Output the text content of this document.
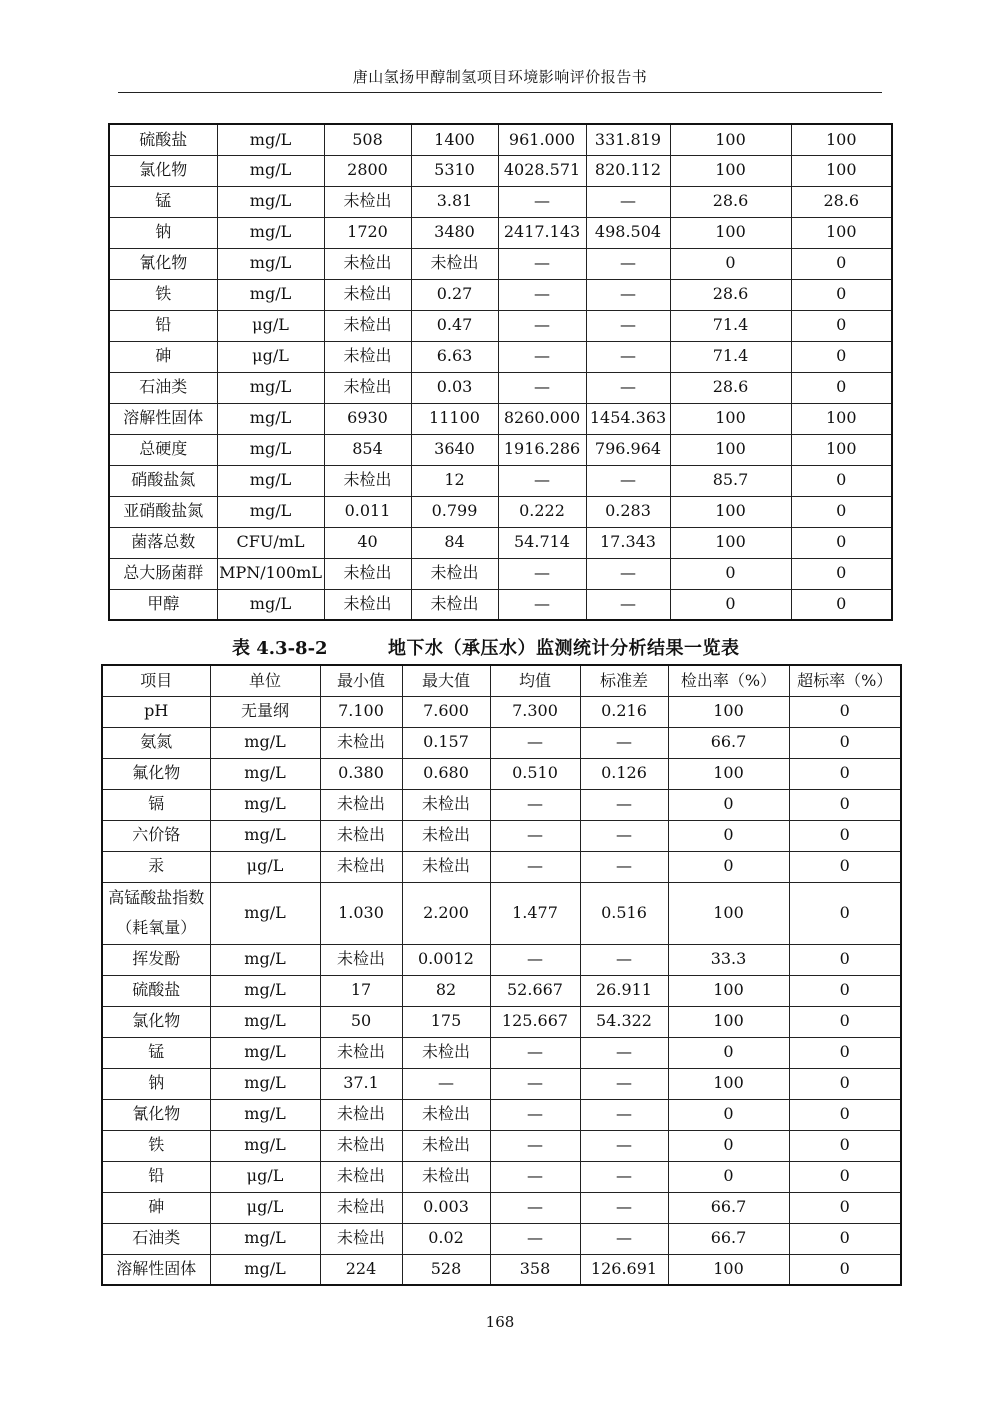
唐山氢扬甲醇制氢项目环境影响评价报告书
硫酸盐	mg/L	508	1400	961.000	331.819	100	100
氯化物	mg/L	2800	5310	4028.571	820.112	100	100
锰	mg/L	未检出	3.81	—	—	28.6	28.6
钠	mg/L	1720	3480	2417.143	498.504	100	100
氰化物	mg/L	未检出	未检出	—	—	0	0
铁	mg/L	未检出	0.27	—	—	28.6	0
铅	μg/L	未检出	0.47	—	—	71.4	0
砷	μg/L	未检出	6.63	—	—	71.4	0
石油类	mg/L	未检出	0.03	—	—	28.6	0
溶解性固体	mg/L	6930	11100	8260.000	1454.363	100	100
总硬度	mg/L	854	3640	1916.286	796.964	100	100
硝酸盐氮	mg/L	未检出	12	—	—	85.7	0
亚硝酸盐氮	mg/L	0.011	0.799	0.222	0.283	100	0
菌落总数	CFU/mL	40	84	54.714	17.343	100	0
总大肠菌群	MPN/100mL	未检出	未检出	—	—	0	0
甲醇	mg/L	未检出	未检出	—	—	0	0
表 4.3-8-2	地下水（承压水）监测统计分析结果一览表
项目	单位	最小值	最大值	均值	标准差	检出率（%）	超标率（%）
pH	无量纲	7.100	7.600	7.300	0.216	100	0
氨氮	mg/L	未检出	0.157	—	—	66.7	0
氟化物	mg/L	0.380	0.680	0.510	0.126	100	0
镉	mg/L	未检出	未检出	—	—	0	0
六价铬	mg/L	未检出	未检出	—	—	0	0
汞	μg/L	未检出	未检出	—	—	0	0
高锰酸盐指数（耗氧量）	mg/L	1.030	2.200	1.477	0.516	100	0
挥发酚	mg/L	未检出	0.0012	—	—	33.3	0
硫酸盐	mg/L	17	82	52.667	26.911	100	0
氯化物	mg/L	50	175	125.667	54.322	100	0
锰	mg/L	未检出	未检出	—	—	0	0
钠	mg/L	37.1	—	—	—	100	0
氰化物	mg/L	未检出	未检出	—	—	0	0
铁	mg/L	未检出	未检出	—	—	0	0
铅	μg/L	未检出	未检出	—	—	0	0
砷	μg/L	未检出	0.003	—	—	66.7	0
石油类	mg/L	未检出	0.02	—	—	66.7	0
溶解性固体	mg/L	224	528	358	126.691	100	0
168
